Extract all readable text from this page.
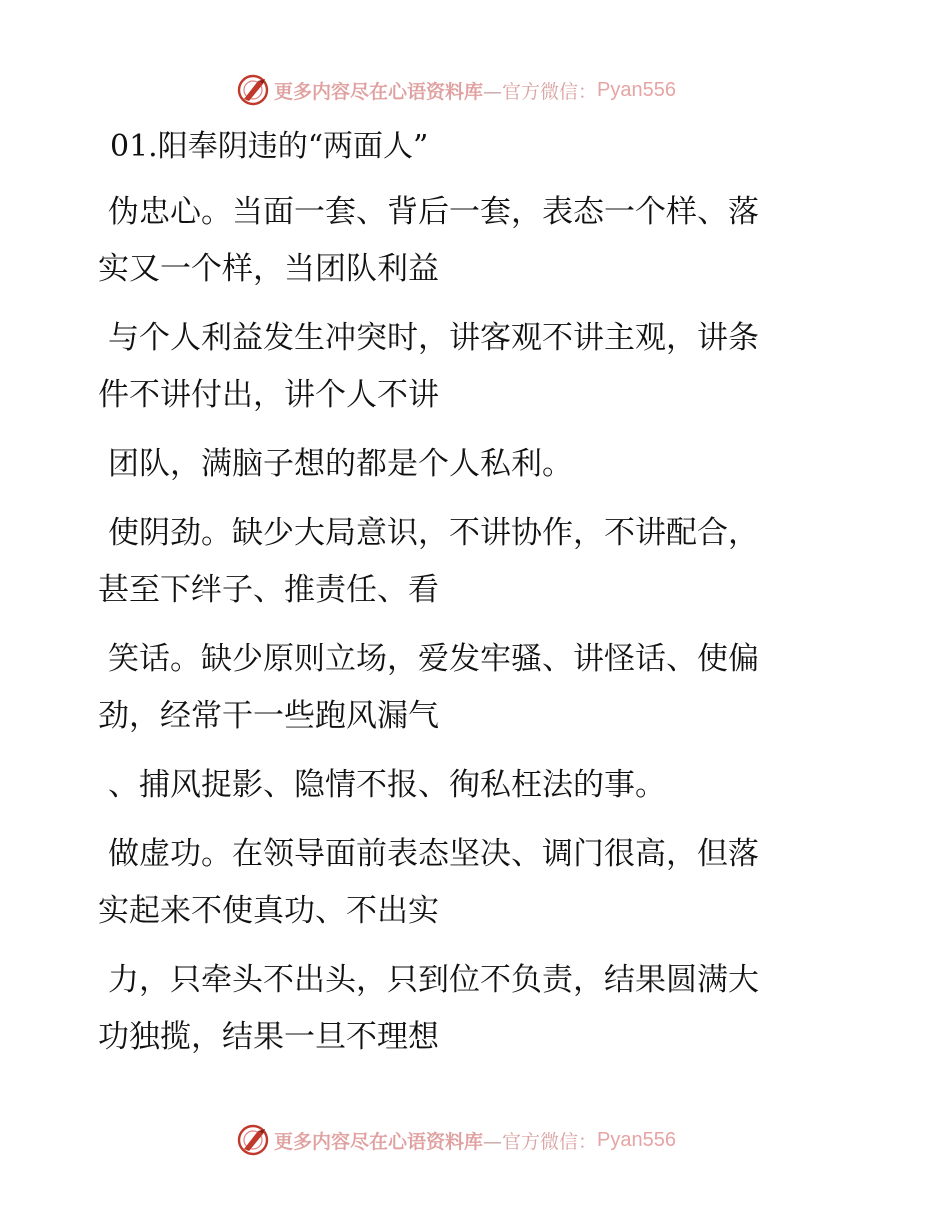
更多内容尽在心语资料库—官方微信： Pyan556
01.阳奉阴违的“两面人”
伪忠心。当面一套、背后一套，表态一个样、落
实又一个样，当团队利益
与个人利益发生冲突时，讲客观不讲主观，讲条
件不讲付出，讲个人不讲
团队，满脑子想的都是个人私利。
使阴劲。缺少大局意识，不讲协作，不讲配合，
甚至下绊子、推责任、看
笑话。缺少原则立场，爱发牢骚、讲怪话、使偏
劲，经常干一些跑风漏气
、捕风捉影、隐情不报、徇私枉法的事。
做虚功。在领导面前表态坚决、调门很高，但落
实起来不使真功、不出实
力，只牵头不出头，只到位不负责，结果圆满大
功独揽，结果一旦不理想
更多内容尽在心语资料库—官方微信： Pyan556
